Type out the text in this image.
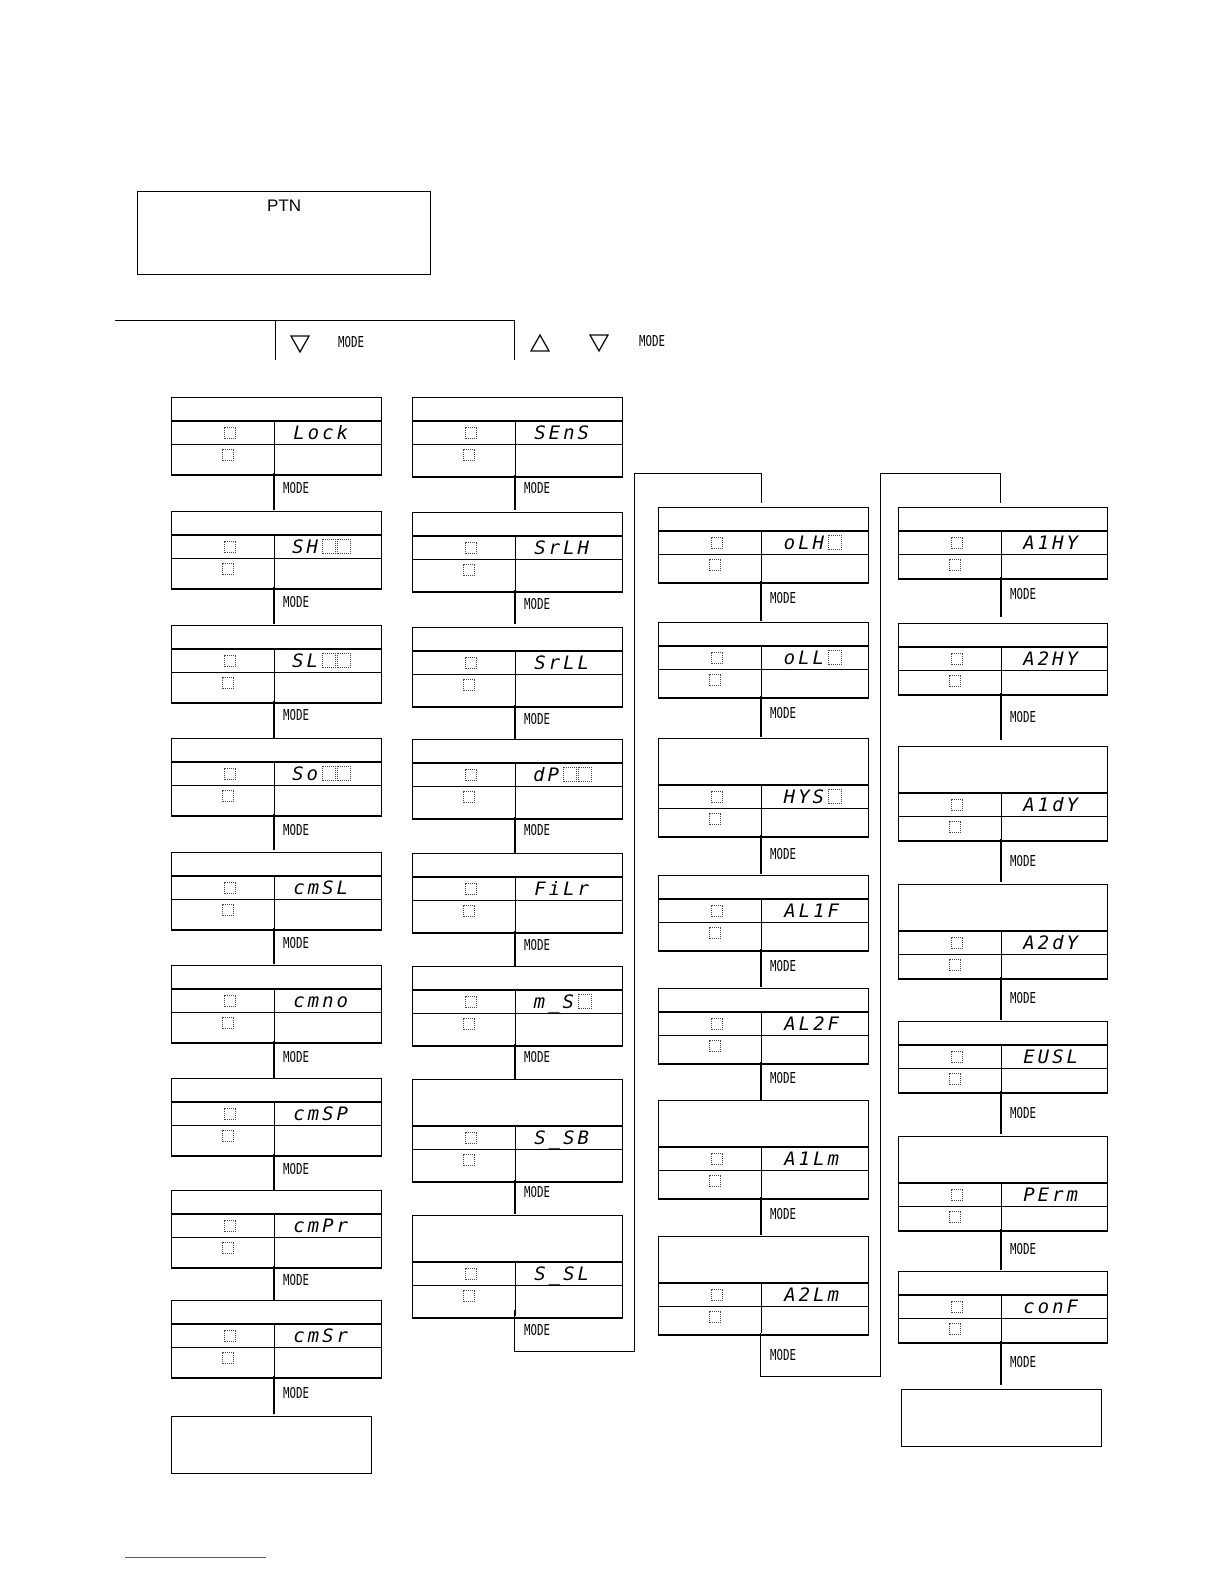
PTN
MODE	MODE
Lock
MODE
SH
MODE
SL
MODE
So
MODE
cmSL
MODE
cmno
MODE
cmSP
MODE
cmPr
MODE
cmSr
MODE
SEnS
MODE
SrLH
MODE
SrLL
MODE
dP
MODE
FiLr
MODE
m_S
MODE
S_SB
MODE
S_SL
MODE
oLH
MODE
oLL
MODE
HYS
MODE
AL1F
MODE
AL2F
MODE
A1Lm
MODE
A2Lm
MODE
A1HY
MODE
A2HY
MODE
A1dY
MODE
A2dY
MODE
EUSL
MODE
PErm
MODE
conF
MODE
